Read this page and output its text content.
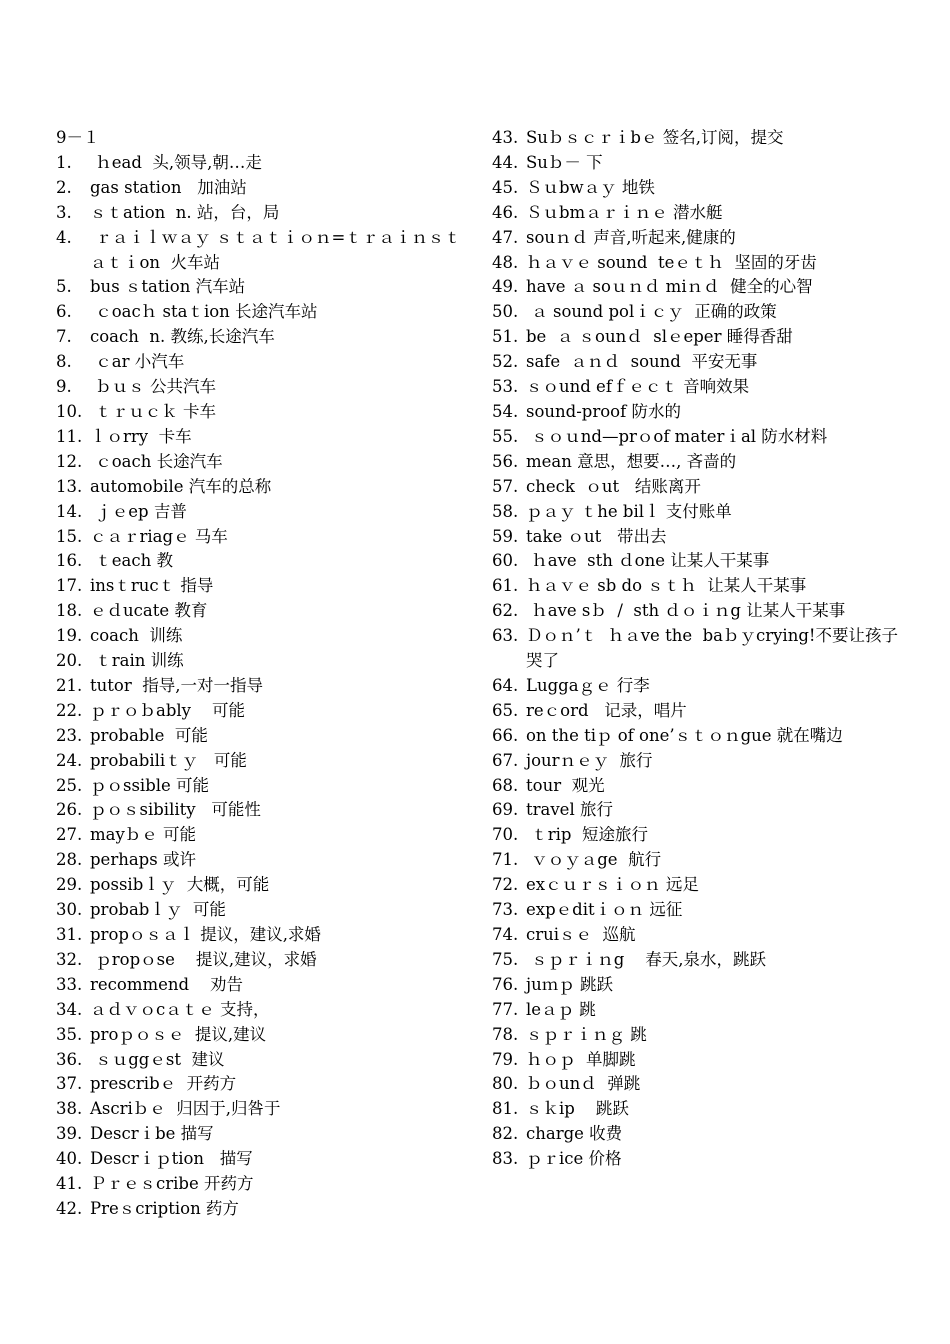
9－１
1.	ｈead  头,领导,朝…走
2.	gas station   加油站
3.	ｓｔation  n. 站，台，局
4.	ｒａｉｌｗａｙ ｓｔａｔｉｏｎ=ｔｒａｉｎｓｔａｔｉon  火车站
5.	bus ｓtation 汽车站
6.	ｃoacｈ staｔion 长途汽车站
7.	coach  n. 教练,长途汽车
8.	ｃar 小汽车
9.	ｂｕｓ 公共汽车
10. ｔｒｕｃｋ 卡车
11. ｌｏrry  卡车
12. ｃoach 长途汽车
13. automobile 汽车的总称
14. ｊｅep 吉普
15. ｃａｒriagｅ 马车
16. ｔeach 教
17. insｔrucｔ 指导
18. ｅｄucate 教育
19. coach  训练
20. ｔrain 训练
21. tutor  指导,一对一指导
22. ｐｒｏｂably    可能
23. probable  可能
24. probabiliｔｙ   可能
25. ｐｏssible 可能
26. ｐｏｓsibility   可能性
27. mayｂｅ 可能
28. perhaps 或许
29. possibｌｙ  大概，可能
30. probabｌｙ  可能
31. propｏｓａｌ 提议，建议,求婚
32. ｐropｏse    提议,建议，求婚
33. recommend    劝告
34. ａｄｖｏcａｔｅ 支持，
35. proｐｏｓｅ  提议,建议
36. ｓｕggｅst  建议
37. prescribｅ  开药方
38. Ascriｂｅ  归因于,归咎于
39. Descrｉbe 描写
40. Descrｉｐtion   描写
41. Ｐｒｅｓcribe 开药方
42. Preｓcription 药方
43. Suｂｓｃｒｉbｅ 签名,订阅，提交
44. Suｂ－ 下
45. Ｓｕbwａｙ 地铁
46. Ｓｕbmａｒｉｎｅ 潜水艇
47. souｎｄ 声音,听起来,健康的
48. ｈａｖｅ sound  teｅｔｈ  坚固的牙齿
49. have ａ soｕｎｄ miｎｄ  健全的心智
50. ａ sound polｉｃｙ  正确的政策
51. be  ａ ｓounｄ  slｅeper 睡得香甜
52. safe  ａｎｄ  sound  平安无事
53. ｓｏund efｆｅｃｔ 音响效果
54. sound-proof 防水的
55. ｓｏｕnd—prｏof materｉal 防水材料
56. mean 意思，想要…, 吝啬的
57. check  ｏut   结账离开
58. ｐａｙ ｔhe bilｌ 支付账单
59. take ｏut   带出去
60. ｈave  sth ｄone 让某人干某事
61. ｈａｖｅ sb do ｓｔｈ  让某人干某事
62. ｈave sｂ  /  sth ｄｏｉｎg 让某人干某事
63. Ｄｏｎ’ｔ  ｈａve the  baｂｙcrying!不要让孩子哭了
64. Luggaｇｅ 行李
65. reｃord   记录，唱片
66. on the tiｐ of one’ｓｔｏｎgue 就在嘴边
67. jourｎｅｙ  旅行
68. tour  观光
69. travel 旅行
70. ｔrip  短途旅行
71. ｖｏｙａge  航行
72. exｃｕｒｓｉｏｎ 远足
73. expｅditｉｏｎ 远征
74. cruiｓｅ  巡航
75. ｓｐｒｉｎg    春天,泉水，跳跃
76. juｍｐ 跳跃
77. leａｐ 跳
78. ｓｐｒｉｎｇ 跳
79. ｈｏｐ  单脚跳
80. ｂｏunｄ  弹跳
81. ｓｋip    跳跃
82. charge 收费
83. ｐｒice 价格
